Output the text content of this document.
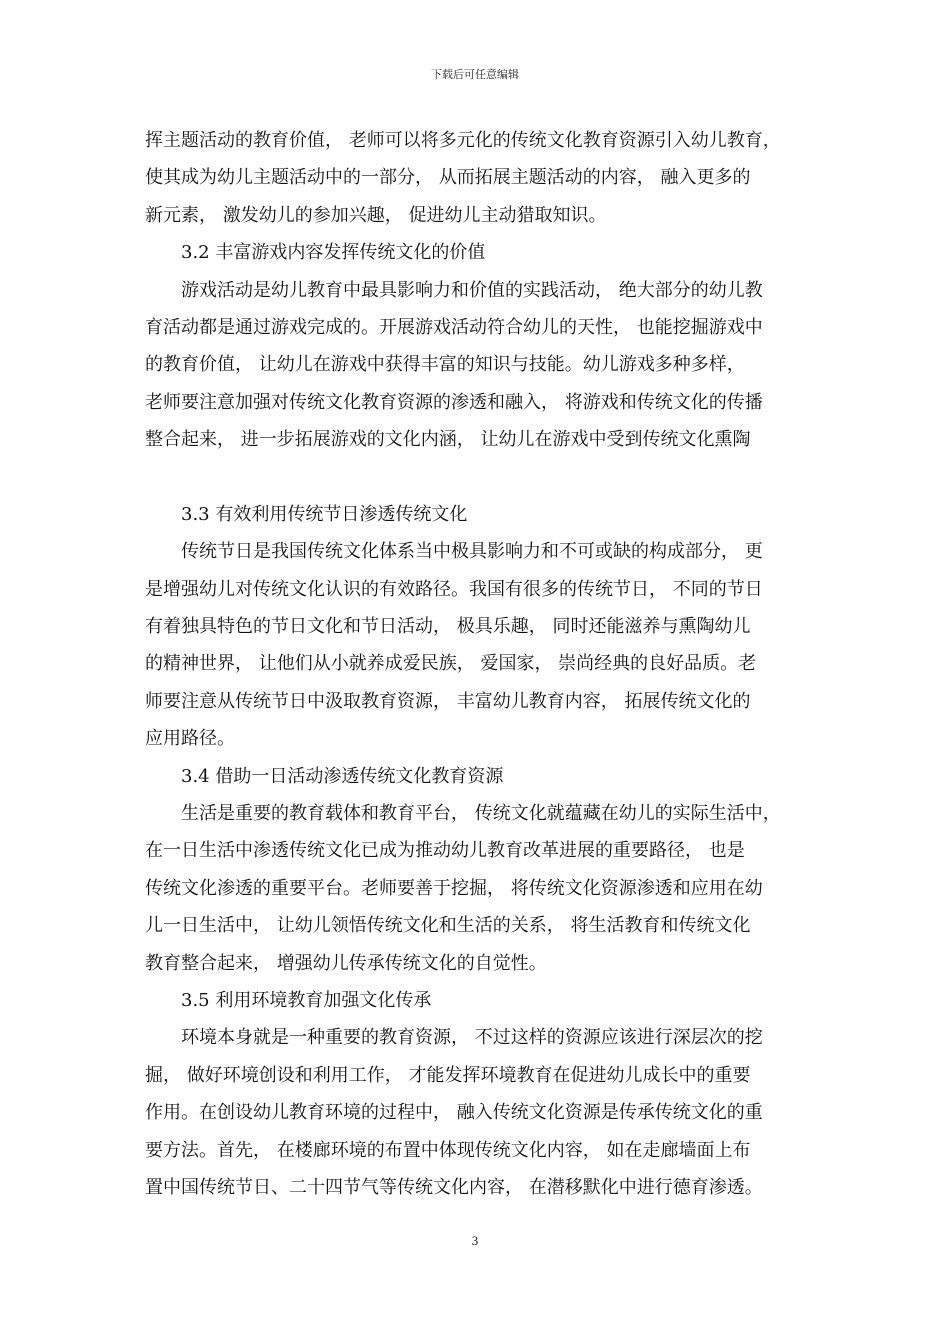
下载后可任意编辑
挥主题活动的教育价值， 老师可以将多元化的传统文化教育资源引入幼儿教育，
使其成为幼儿主题活动中的一部分， 从而拓展主题活动的内容， 融入更多的
新元素， 激发幼儿的参加兴趣， 促进幼儿主动猎取知识。
3.2 丰富游戏内容发挥传统文化的价值
游戏活动是幼儿教育中最具影响力和价值的实践活动， 绝大部分的幼儿教
育活动都是通过游戏完成的。开展游戏活动符合幼儿的天性， 也能挖掘游戏中
的教育价值， 让幼儿在游戏中获得丰富的知识与技能。幼儿游戏多种多样，
老师要注意加强对传统文化教育资源的渗透和融入， 将游戏和传统文化的传播
整合起来， 进一步拓展游戏的文化内涵， 让幼儿在游戏中受到传统文化熏陶
3.3 有效利用传统节日渗透传统文化
传统节日是我国传统文化体系当中极具影响力和不可或缺的构成部分， 更
是增强幼儿对传统文化认识的有效路径。我国有很多的传统节日， 不同的节日
有着独具特色的节日文化和节日活动， 极具乐趣， 同时还能滋养与熏陶幼儿
的精神世界， 让他们从小就养成爱民族， 爱国家， 崇尚经典的良好品质。老
师要注意从传统节日中汲取教育资源， 丰富幼儿教育内容， 拓展传统文化的
应用路径。
3.4 借助一日活动渗透传统文化教育资源
生活是重要的教育载体和教育平台， 传统文化就蕴藏在幼儿的实际生活中，
在一日生活中渗透传统文化已成为推动幼儿教育改革进展的重要路径， 也是
传统文化渗透的重要平台。老师要善于挖掘， 将传统文化资源渗透和应用在幼
儿一日生活中， 让幼儿领悟传统文化和生活的关系， 将生活教育和传统文化
教育整合起来， 增强幼儿传承传统文化的自觉性。
3.5 利用环境教育加强文化传承
环境本身就是一种重要的教育资源， 不过这样的资源应该进行深层次的挖
掘， 做好环境创设和利用工作， 才能发挥环境教育在促进幼儿成长中的重要
作用。在创设幼儿教育环境的过程中， 融入传统文化资源是传承传统文化的重
要方法。首先， 在楼廊环境的布置中体现传统文化内容， 如在走廊墙面上布
置中国传统节日、二十四节气等传统文化内容， 在潜移默化中进行德育渗透。
3
